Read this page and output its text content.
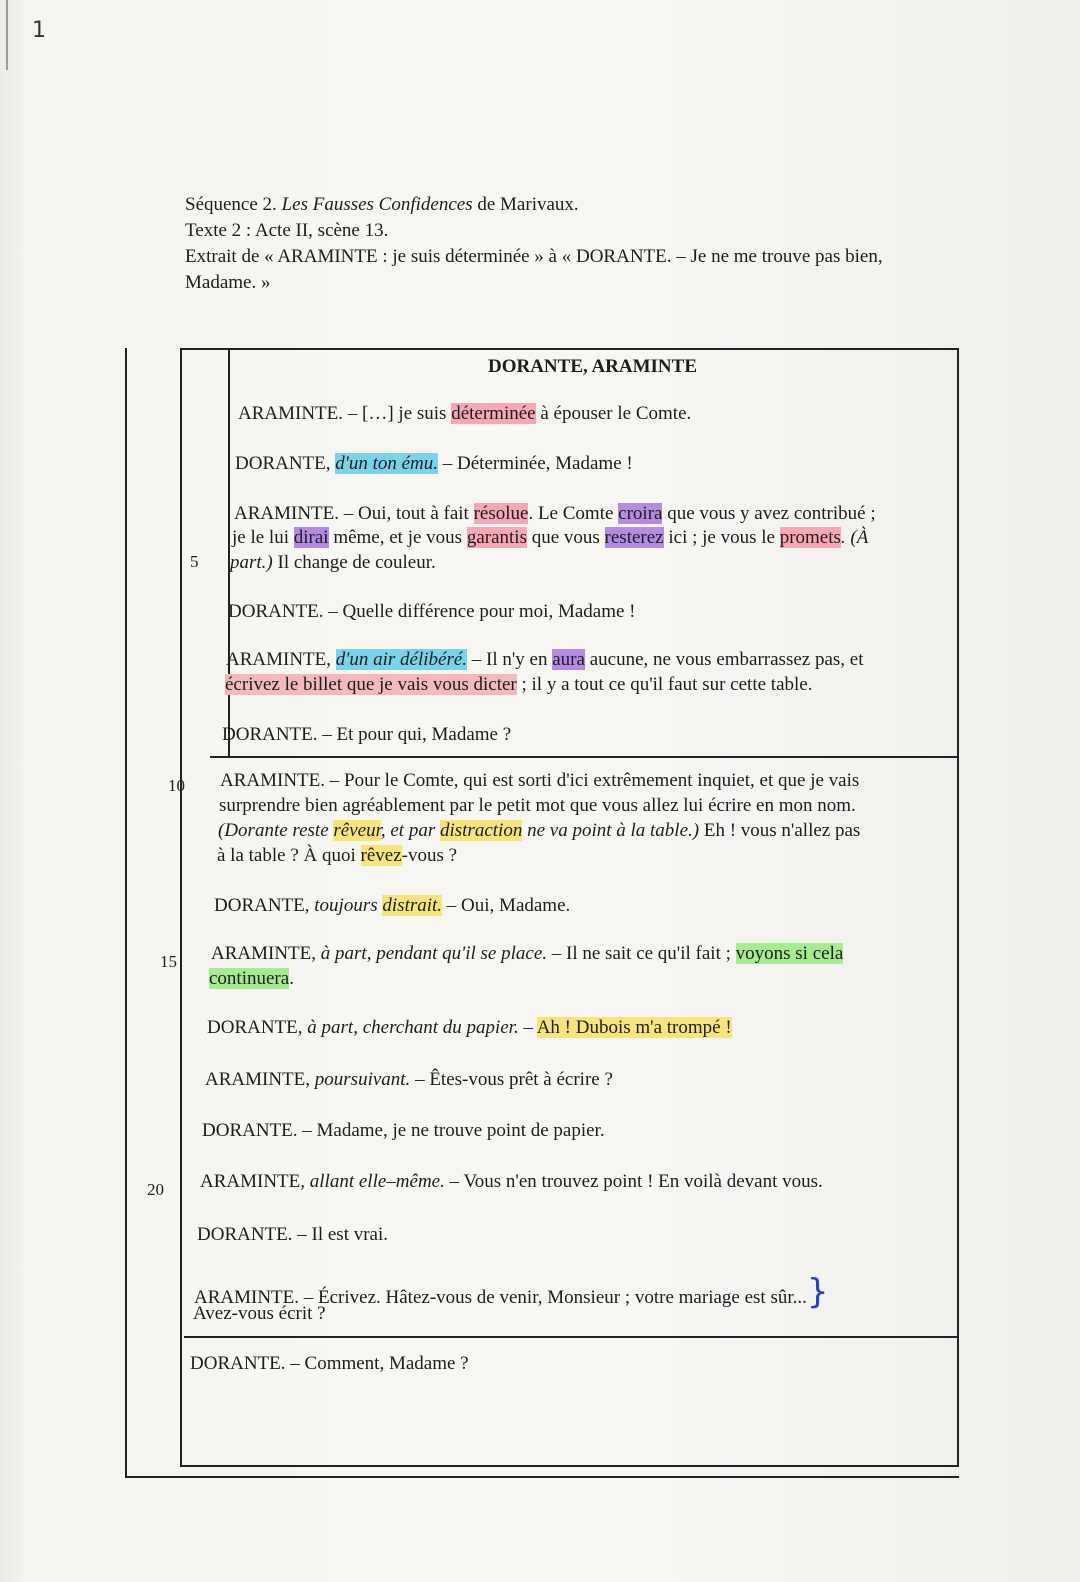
1
Séquence 2. Les Fausses Confidences de Marivaux.
Texte 2 : Acte II, scène 13.
Extrait de « ARAMINTE : je suis déterminée » à « DORANTE. – Je ne me trouve pas bien,
Madame. »
5
10
15
20
DORANTE, ARAMINTE
ARAMINTE. – […] je suis déterminée à épouser le Comte.
DORANTE, d'un ton ému. – Déterminée, Madame !
ARAMINTE. – Oui, tout à fait résolue. Le Comte croira que vous y avez contribué ;
je le lui dirai même, et je vous garantis que vous resterez ici ; je vous le promets. (À
part.) Il change de couleur.
DORANTE. – Quelle différence pour moi, Madame !
ARAMINTE, d'un air délibéré. – Il n'y en aura aucune, ne vous embarrassez pas, et
écrivez le billet que je vais vous dicter ; il y a tout ce qu'il faut sur cette table.
DORANTE. – Et pour qui, Madame ?
ARAMINTE. – Pour le Comte, qui est sorti d'ici extrêmement inquiet, et que je vais
surprendre bien agréablement par le petit mot que vous allez lui écrire en mon nom.
(Dorante reste rêveur, et par distraction ne va point à la table.) Eh ! vous n'allez pas
à la table ? À quoi rêvez-vous ?
DORANTE, toujours distrait. – Oui, Madame.
ARAMINTE, à part, pendant qu'il se place. – Il ne sait ce qu'il fait ; voyons si cela
continuera.
DORANTE, à part, cherchant du papier. – Ah ! Dubois m'a trompé !
ARAMINTE, poursuivant. – Êtes-vous prêt à écrire ?
DORANTE. – Madame, je ne trouve point de papier.
ARAMINTE, allant elle–même. – Vous n'en trouvez point ! En voilà devant vous.
DORANTE. – Il est vrai.
ARAMINTE. – Écrivez. Hâtez-vous de venir, Monsieur ; votre mariage est sûr...}
Avez-vous écrit ?
DORANTE. – Comment, Madame ?
